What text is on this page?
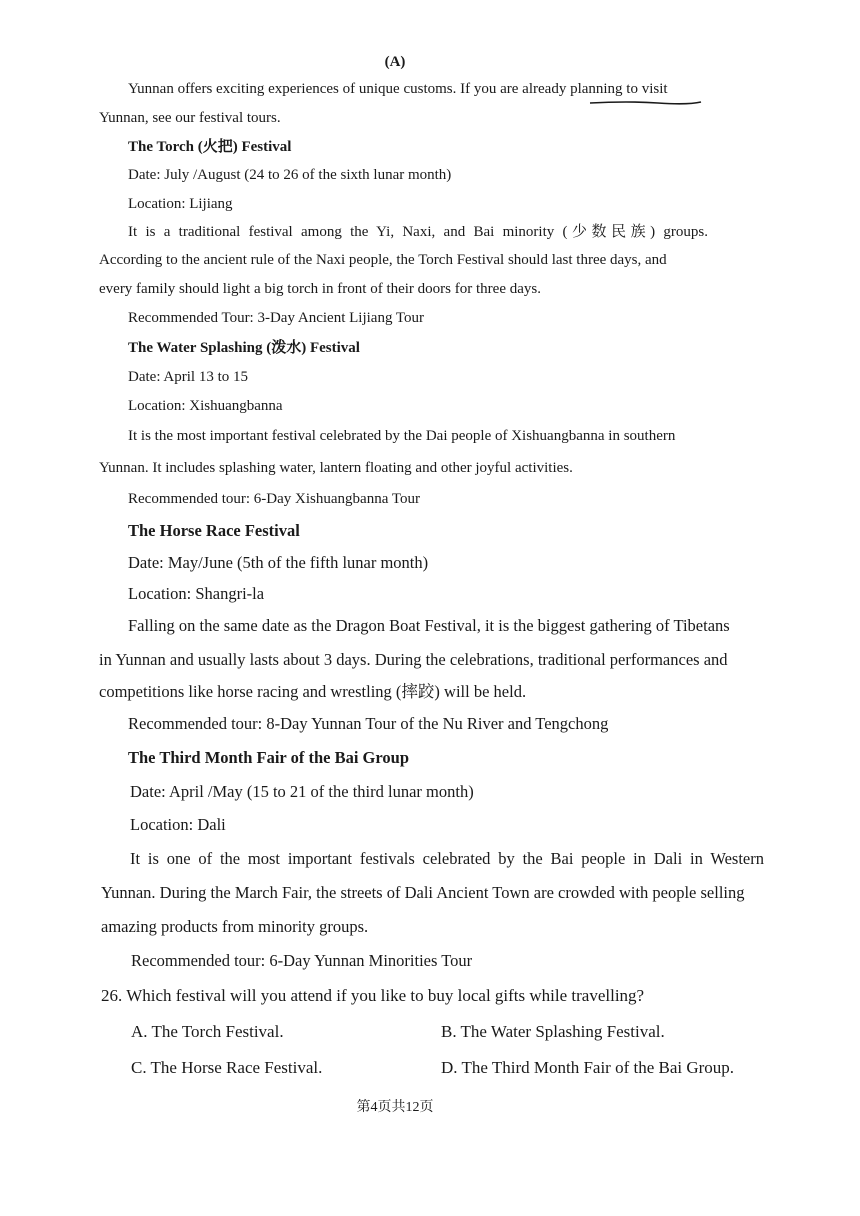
(A)
Yunnan offers exciting experiences of unique customs. If you are already planning to visit
Yunnan, see our festival tours.
The Torch (火把) Festival
Date: July /August (24 to 26 of the sixth lunar month)
Location: Lijiang
It is a traditional festival among the Yi, Naxi, and Bai minority (少数民族) groups.
According to the ancient rule of the Naxi people, the Torch Festival should last three days, and
every family should light a big torch in front of their doors for three days.
Recommended Tour: 3-Day Ancient Lijiang Tour
The Water Splashing (泼水) Festival
Date: April 13 to 15
Location: Xishuangbanna
It is the most important festival celebrated by the Dai people of Xishuangbanna in southern
Yunnan. It includes splashing water, lantern floating and other joyful activities.
Recommended tour: 6-Day Xishuangbanna Tour
The Horse Race Festival
Date: May/June (5th of the fifth lunar month)
Location: Shangri-la
Falling on the same date as the Dragon Boat Festival, it is the biggest gathering of Tibetans
in Yunnan and usually lasts about 3 days. During the celebrations, traditional performances and
competitions like horse racing and wrestling (摔跤) will be held.
Recommended tour: 8-Day Yunnan Tour of the Nu River and Tengchong
The Third Month Fair of the Bai Group
Date: April /May (15 to 21 of the third lunar month)
Location: Dali
It is one of the most important festivals celebrated by the Bai people in Dali in Western
Yunnan. During the March Fair, the streets of Dali Ancient Town are crowded with people selling
amazing products from minority groups.
Recommended tour: 6-Day Yunnan Minorities Tour
26. Which festival will you attend if you like to buy local gifts while travelling?
A. The Torch Festival.	B. The Water Splashing Festival.
C. The Horse Race Festival.	D. The Third Month Fair of the Bai Group.
第4页共12页
